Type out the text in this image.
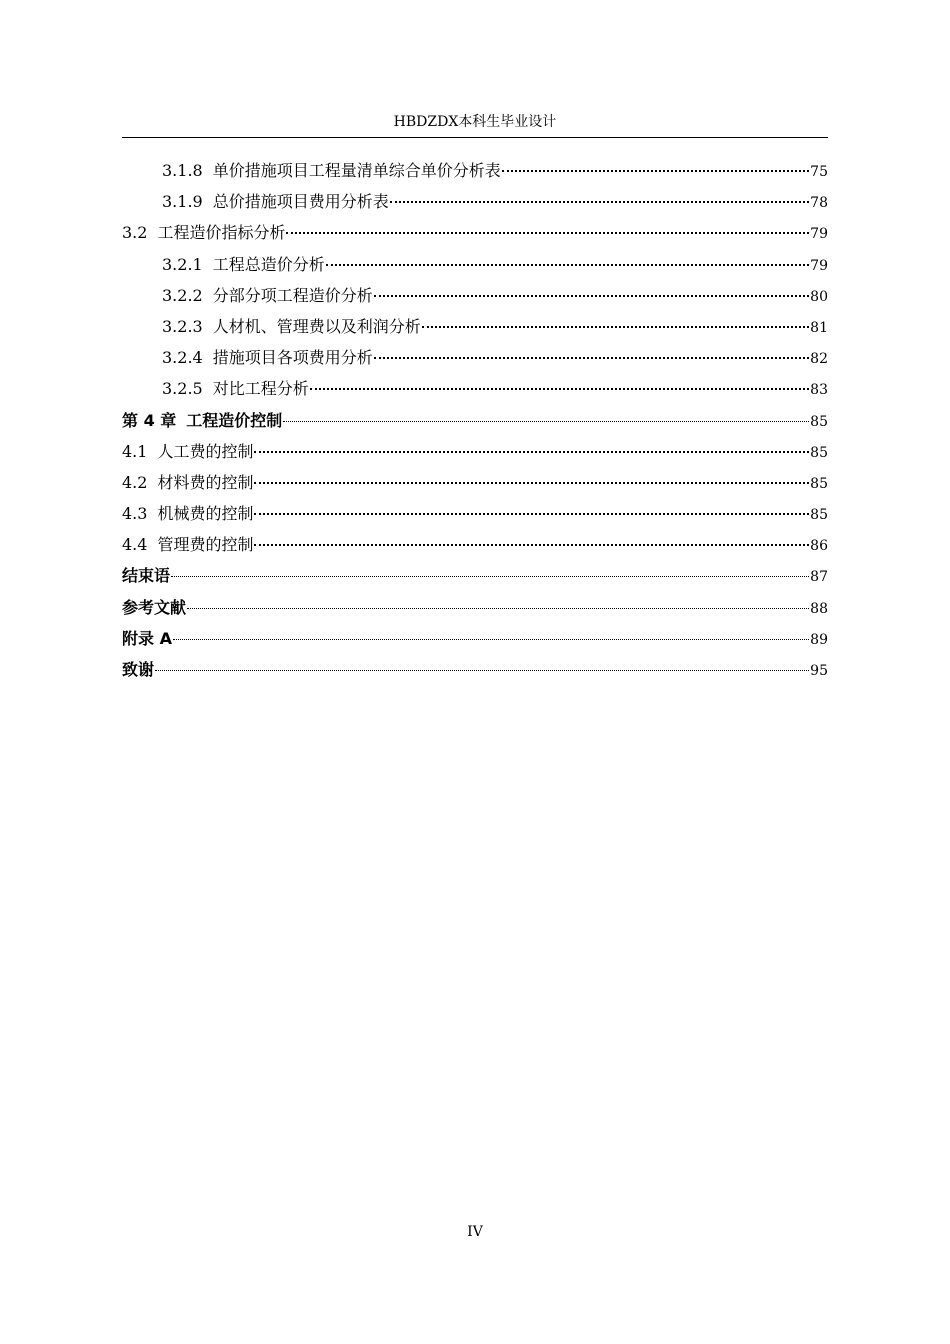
HBDZDX本科生毕业设计
3.1.8 单价措施项目工程量清单综合单价分析表	75
3.1.9 总价措施项目费用分析表	78
3.2 工程造价指标分析	79
3.2.1 工程总造价分析	79
3.2.2 分部分项工程造价分析	80
3.2.3 人材机、管理费以及利润分析	81
3.2.4 措施项目各项费用分析	82
3.2.5 对比工程分析	83
第 4 章 工程造价控制	85
4.1 人工费的控制	85
4.2 材料费的控制	85
4.3 机械费的控制	85
4.4 管理费的控制	86
结束语	87
参考文献	88
附录 A	89
致谢	95
IV
